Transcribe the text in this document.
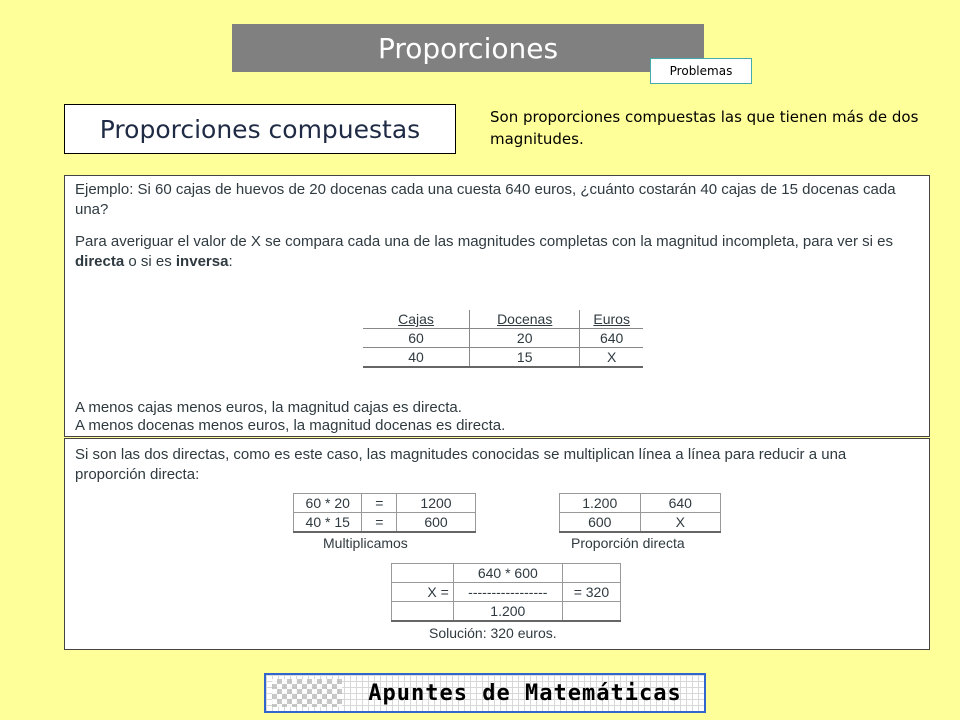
Proporciones
Problemas
Proporciones compuestas	Son proporciones compuestas las que tienen más de dos magnitudes.
Ejemplo: Si 60 cajas de huevos de 20 docenas cada una cuesta 640 euros, ¿cuánto costarán 40 cajas de 15 docenas cada una?
Para averiguar el valor de X se compara cada una de las magnitudes completas con la magnitud incompleta, para ver si es directa o si es inversa:
Cajas	Docenas	Euros
60	20	640
40	15	X
A menos cajas menos euros, la magnitud cajas es directa.
A menos docenas menos euros, la magnitud docenas es directa.
Si son las dos directas, como es este caso, las magnitudes conocidas se multiplican línea a línea para reducir a una proporción directa:
60 * 20	=	1200		1.200	640
40 * 15	=	600		600	X
Multiplicamos	Proporción directa
	640 * 600	
X =	-----------------	= 320
	1.200	
Solución: 320 euros.
Apuntes de Matemáticas
